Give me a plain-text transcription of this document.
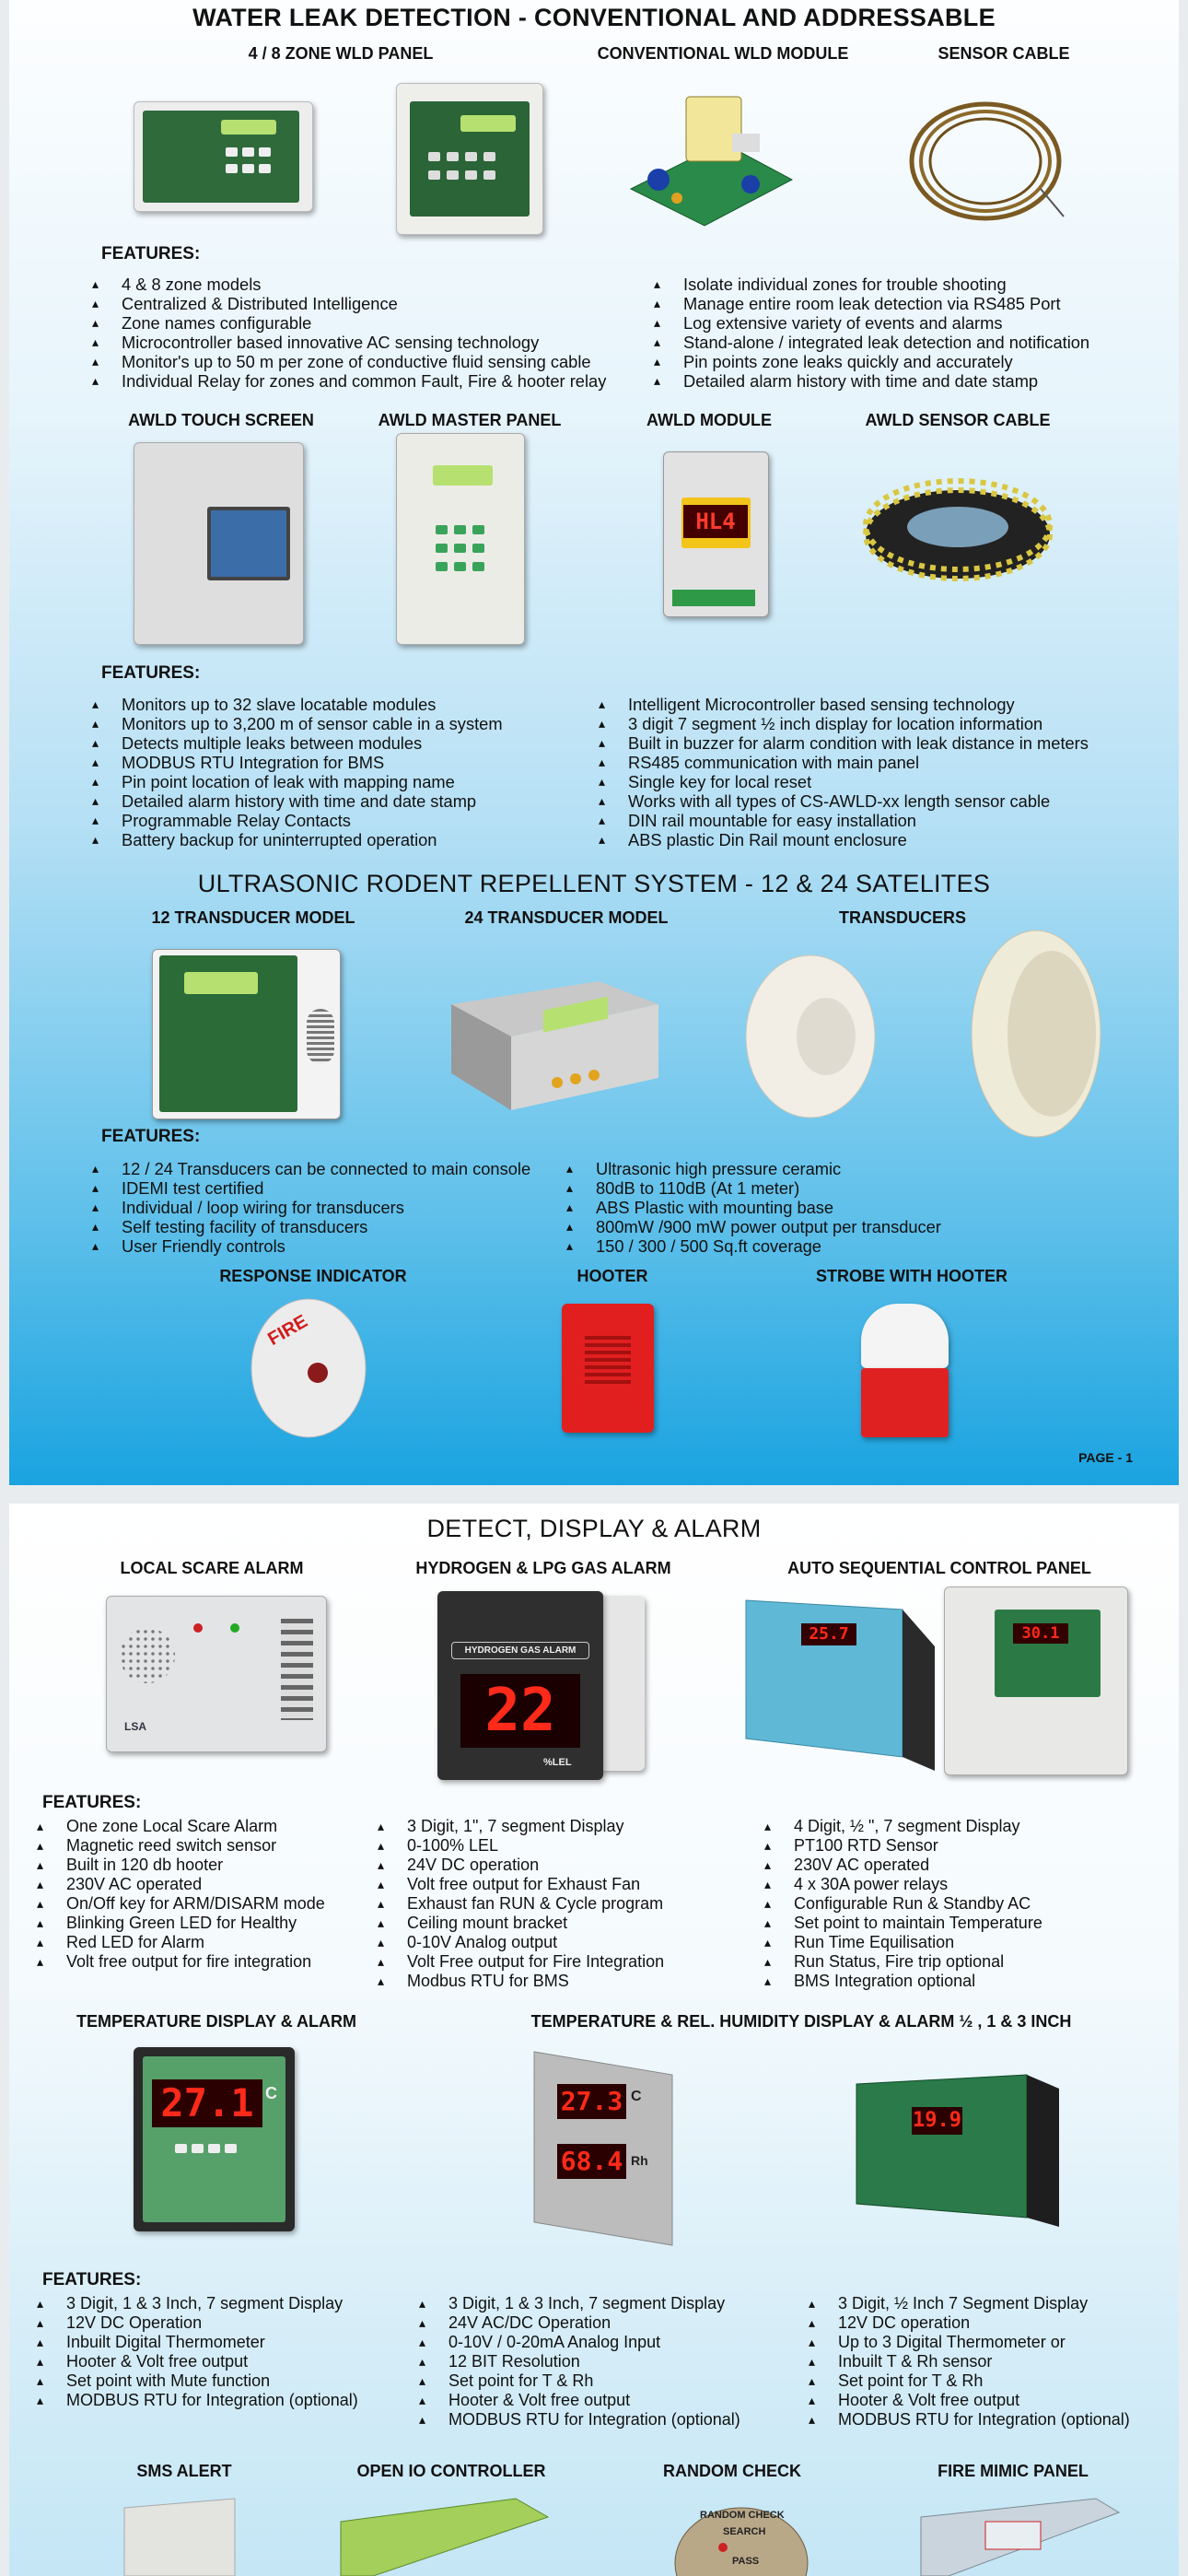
WATER LEAK DETECTION - CONVENTIONAL AND ADDRESSABLE
4 / 8 ZONE WLD PANEL	CONVENTIONAL WLD MODULE	SENSOR CABLE
FEATURES:
▴ 4 & 8 zone models
▴ Centralized & Distributed Intelligence
▴ Zone names configurable
▴ Microcontroller based innovative AC sensing technology
▴ Monitor's up to 50 m per zone of conductive fluid sensing cable
▴ Individual Relay for zones and common Fault, Fire & hooter relay
▴ Isolate individual zones for trouble shooting
▴ Manage entire room leak detection via RS485 Port
▴ Log extensive variety of events and alarms
▴ Stand-alone / integrated leak detection and notification
▴ Pin points zone leaks quickly and accurately
▴ Detailed alarm history with time and date stamp
AWLD TOUCH SCREEN	AWLD MASTER PANEL	AWLD MODULE	AWLD SENSOR CABLE
HL4
FEATURES:
▴ Monitors up to 32 slave locatable modules
▴ Monitors up to 3,200 m of sensor cable in a system
▴ Detects multiple leaks between modules
▴ MODBUS RTU Integration for BMS
▴ Pin point location of leak with mapping name
▴ Detailed alarm history with time and date stamp
▴ Programmable Relay Contacts
▴ Battery backup for uninterrupted operation
▴ Intelligent Microcontroller based sensing technology
▴ 3 digit 7 segment ½ inch display for location information
▴ Built in buzzer for alarm condition with leak distance in meters
▴ RS485 communication with main panel
▴ Single key for local reset
▴ Works with all types of CS-AWLD-xx length sensor cable
▴ DIN rail mountable for easy installation
▴ ABS plastic Din Rail mount enclosure
ULTRASONIC RODENT REPELLENT SYSTEM - 12 & 24 SATELITES
12 TRANSDUCER MODEL	24 TRANSDUCER MODEL	TRANSDUCERS
FEATURES:
▴ 12 / 24 Transducers can be connected to main console
▴ IDEMI test certified
▴ Individual / loop wiring for transducers
▴ Self testing facility of transducers
▴ User Friendly controls
▴ Ultrasonic high pressure ceramic
▴ 80dB to 110dB (At 1 meter)
▴ ABS Plastic with mounting base
▴ 800mW /900 mW power output per transducer
▴ 150 / 300 / 500 Sq.ft coverage
RESPONSE INDICATOR	HOOTER	STROBE WITH HOOTER
FIRE
PAGE - 1
DETECT, DISPLAY & ALARM
LOCAL SCARE ALARM	HYDROGEN & LPG GAS ALARM	AUTO SEQUENTIAL CONTROL PANEL
LSA
HYDROGEN GAS ALARM
22
%LEL
25.7	30.1
FEATURES:
▴ One zone Local Scare Alarm
▴ Magnetic reed switch sensor
▴ Built in 120 db hooter
▴ 230V AC operated
▴ On/Off key for ARM/DISARM mode
▴ Blinking Green LED for Healthy
▴ Red LED for Alarm
▴ Volt free output for fire integration
▴ 3 Digit, 1", 7 segment Display
▴ 0-100% LEL
▴ 24V DC operation
▴ Volt free output for Exhaust Fan
▴ Exhaust fan RUN & Cycle program
▴ Ceiling mount bracket
▴ 0-10V Analog output
▴ Volt Free output for Fire Integration
▴ Modbus RTU for BMS
▴ 4 Digit, ½ ", 7 segment Display
▴ PT100 RTD Sensor
▴ 230V AC operated
▴ 4 x 30A power relays
▴ Configurable Run & Standby AC
▴ Set point to maintain Temperature
▴ Run Time Equilisation
▴ Run Status, Fire trip optional
▴ BMS Integration optional
TEMPERATURE DISPLAY & ALARM	TEMPERATURE & REL. HUMIDITY DISPLAY & ALARM ½ , 1 & 3 INCH
27.1 C	27.3 C
68.4 Rh
19.9
FEATURES:
▴ 3 Digit, 1 & 3 Inch, 7 segment Display
▴ 12V DC Operation
▴ Inbuilt Digital Thermometer
▴ Hooter & Volt free output
▴ Set point with Mute function
▴ MODBUS RTU for Integration (optional)
▴ 3 Digit, 1 & 3 Inch, 7 segment Display
▴ 24V AC/DC Operation
▴ 0-10V / 0-20mA Analog Input
▴ 12 BIT Resolution
▴ Set point for T & Rh
▴ Hooter & Volt free output
▴ MODBUS RTU for Integration (optional)
▴ 3 Digit, ½ Inch 7 Segment Display
▴ 12V DC operation
▴ Up to 3 Digital Thermometer or
▴ Inbuilt T & Rh sensor
▴ Set point for T & Rh
▴ Hooter & Volt free output
▴ MODBUS RTU for Integration (optional)
SMS ALERT	OPEN IO CONTROLLER	RANDOM CHECK	FIRE MIMIC PANEL
RANDOM CHECK
SEARCH
PASS
